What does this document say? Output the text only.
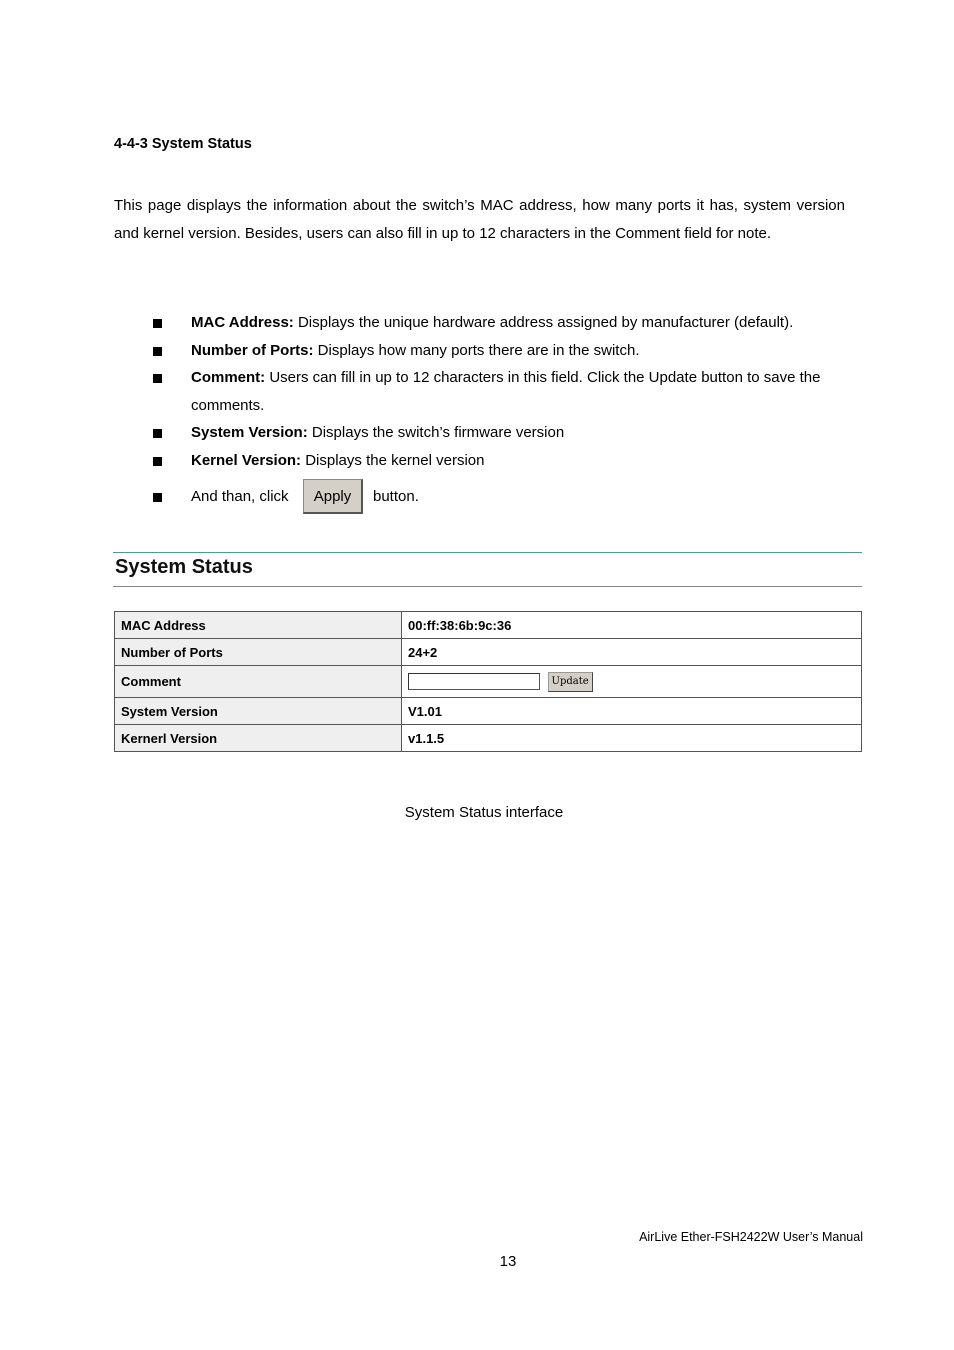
4-4-3 System Status

This page displays the information about the switch’s MAC address, how many ports it has, system version and kernel version. Besides, users can also fill in up to 12 characters in the Comment field for note.

MAC Address: Displays the unique hardware address assigned by manufacturer (default).
Number of Ports: Displays how many ports there are in the switch.
Comment: Users can fill in up to 12 characters in this field. Click the Update button to save the comments.
System Version: Displays the switch’s firmware version
Kernel Version: Displays the kernel version
And than, click	Apply	button.
System Status
MAC Address	00:ff:38:6b:9c:36
Number of Ports	24+2
Comment	Update
System Version	V1.01
Kernerl Version	v1.1.5
System Status interface
AirLive Ether-FSH2422W User’s Manual
13
